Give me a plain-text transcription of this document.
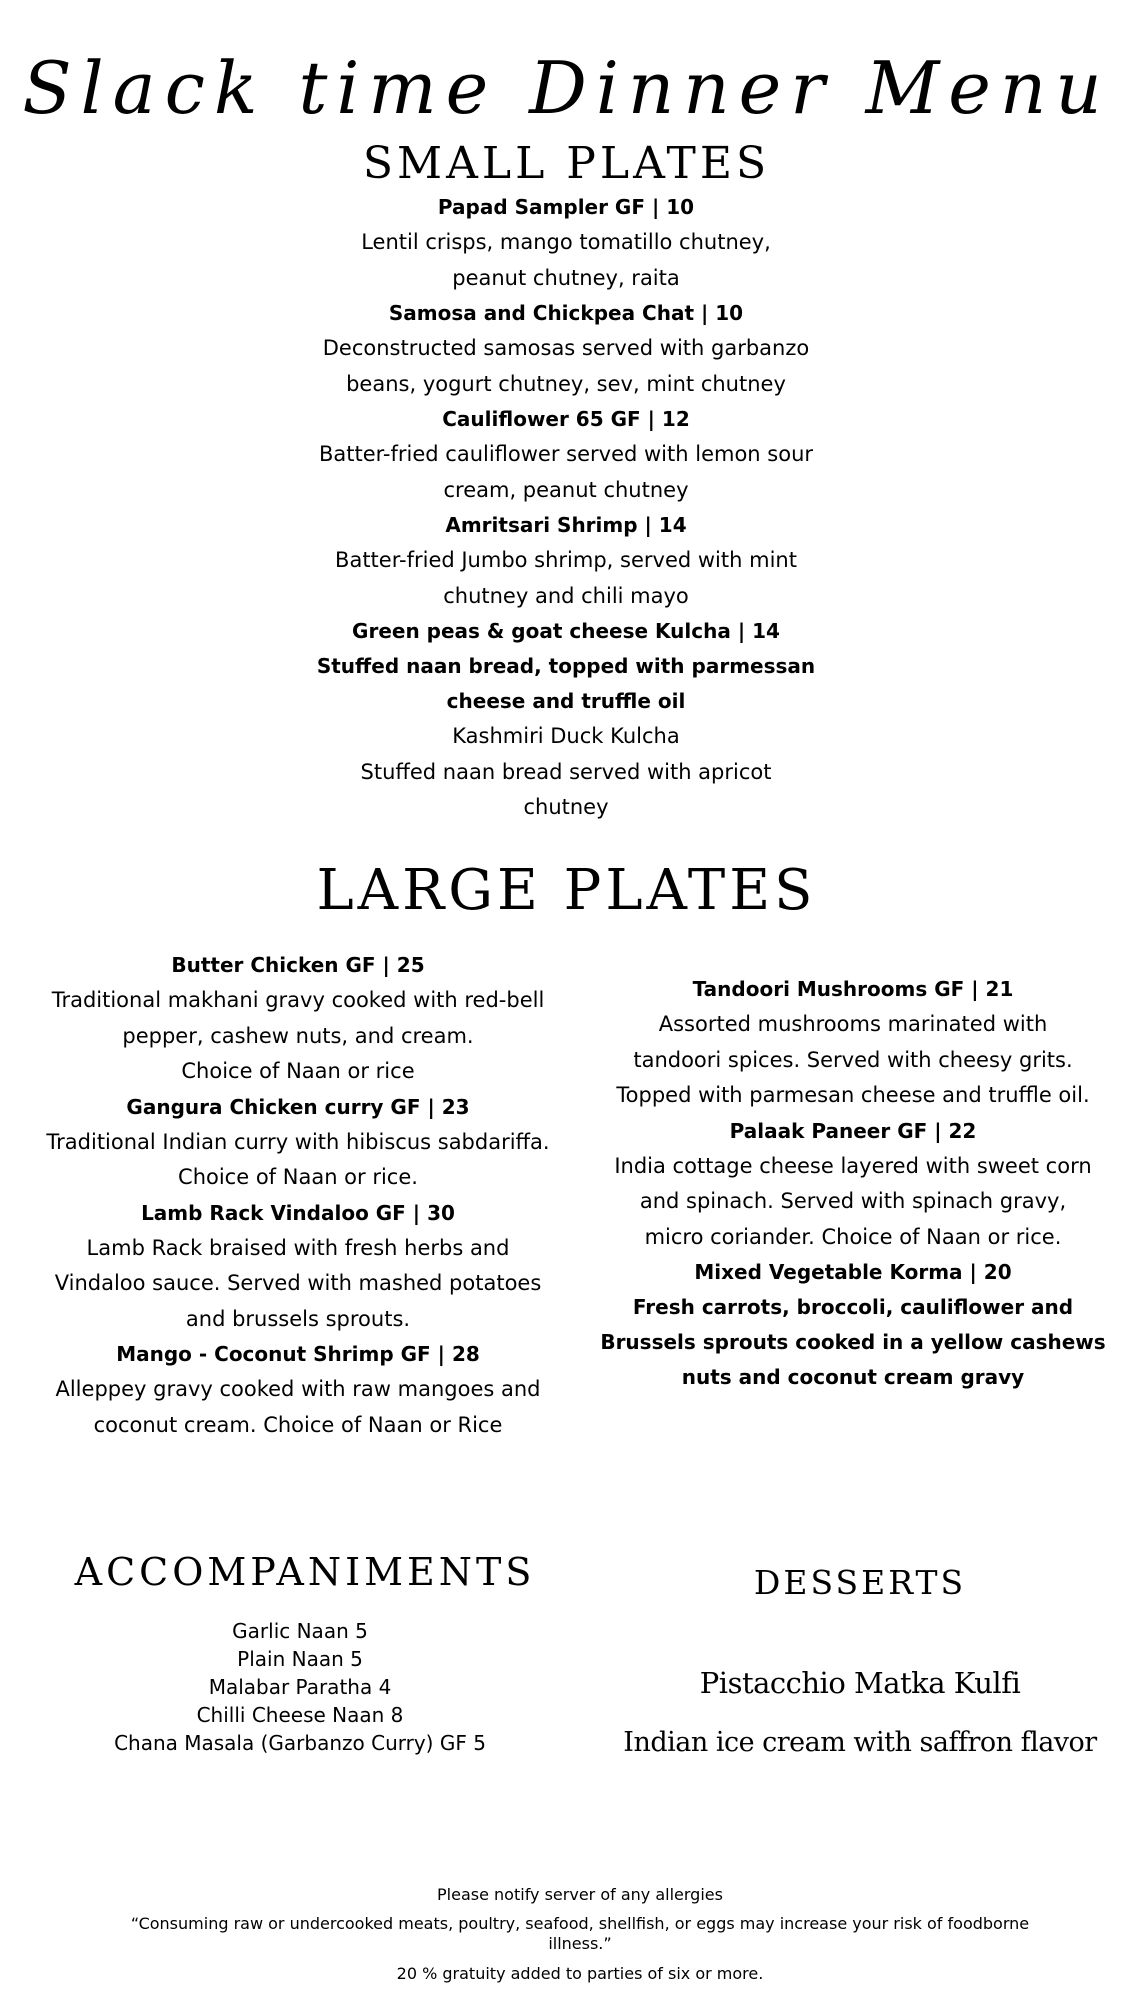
Slack time Dinner Menu
SMALL PLATES
Papad Sampler GF | 10
Lentil crisps, mango tomatillo chutney,
peanut chutney, raita
Samosa and Chickpea Chat | 10
Deconstructed samosas served with garbanzo
beans, yogurt chutney, sev, mint chutney
Cauliflower 65 GF | 12
Batter-fried cauliflower served with lemon sour
cream, peanut chutney
Amritsari Shrimp | 14
Batter-fried Jumbo shrimp, served with mint
chutney and chili mayo
Green peas & goat cheese Kulcha | 14
Stuffed naan bread, topped with parmessan
cheese and truffle oil
Kashmiri Duck Kulcha
Stuffed naan bread served with apricot
chutney
LARGE PLATES
Butter Chicken GF | 25
Traditional makhani gravy cooked with red-bell
pepper, cashew nuts, and cream.
Choice of Naan or rice
Gangura Chicken curry GF | 23
Traditional Indian curry with hibiscus sabdariffa.
Choice of Naan or rice.
Lamb Rack Vindaloo GF | 30
Lamb Rack braised with fresh herbs and
Vindaloo sauce. Served with mashed potatoes
and brussels sprouts.
Mango - Coconut Shrimp GF | 28
Alleppey gravy cooked with raw mangoes and
coconut cream. Choice of Naan or Rice
Tandoori Mushrooms GF | 21
Assorted mushrooms marinated with
tandoori spices. Served with cheesy grits.
Topped with parmesan cheese and truffle oil.
Palaak Paneer GF | 22
India cottage cheese layered with sweet corn
and spinach. Served with spinach gravy,
micro coriander. Choice of Naan or rice.
Mixed Vegetable Korma | 20
Fresh carrots, broccoli, cauliflower and
Brussels sprouts cooked in a yellow cashews
nuts and coconut cream gravy
ACCOMPANIMENTS
Garlic Naan 5
Plain Naan 5
Malabar Paratha 4
Chilli Cheese Naan 8
Chana Masala (Garbanzo Curry) GF 5
DESSERTS
Pistacchio Matka Kulfi
Indian ice cream with saffron flavor
Please notify server of any allergies
“Consuming raw or undercooked meats, poultry, seafood, shellfish, or eggs may increase your risk of foodborne
illness.”
20 % gratuity added to parties of six or more.
